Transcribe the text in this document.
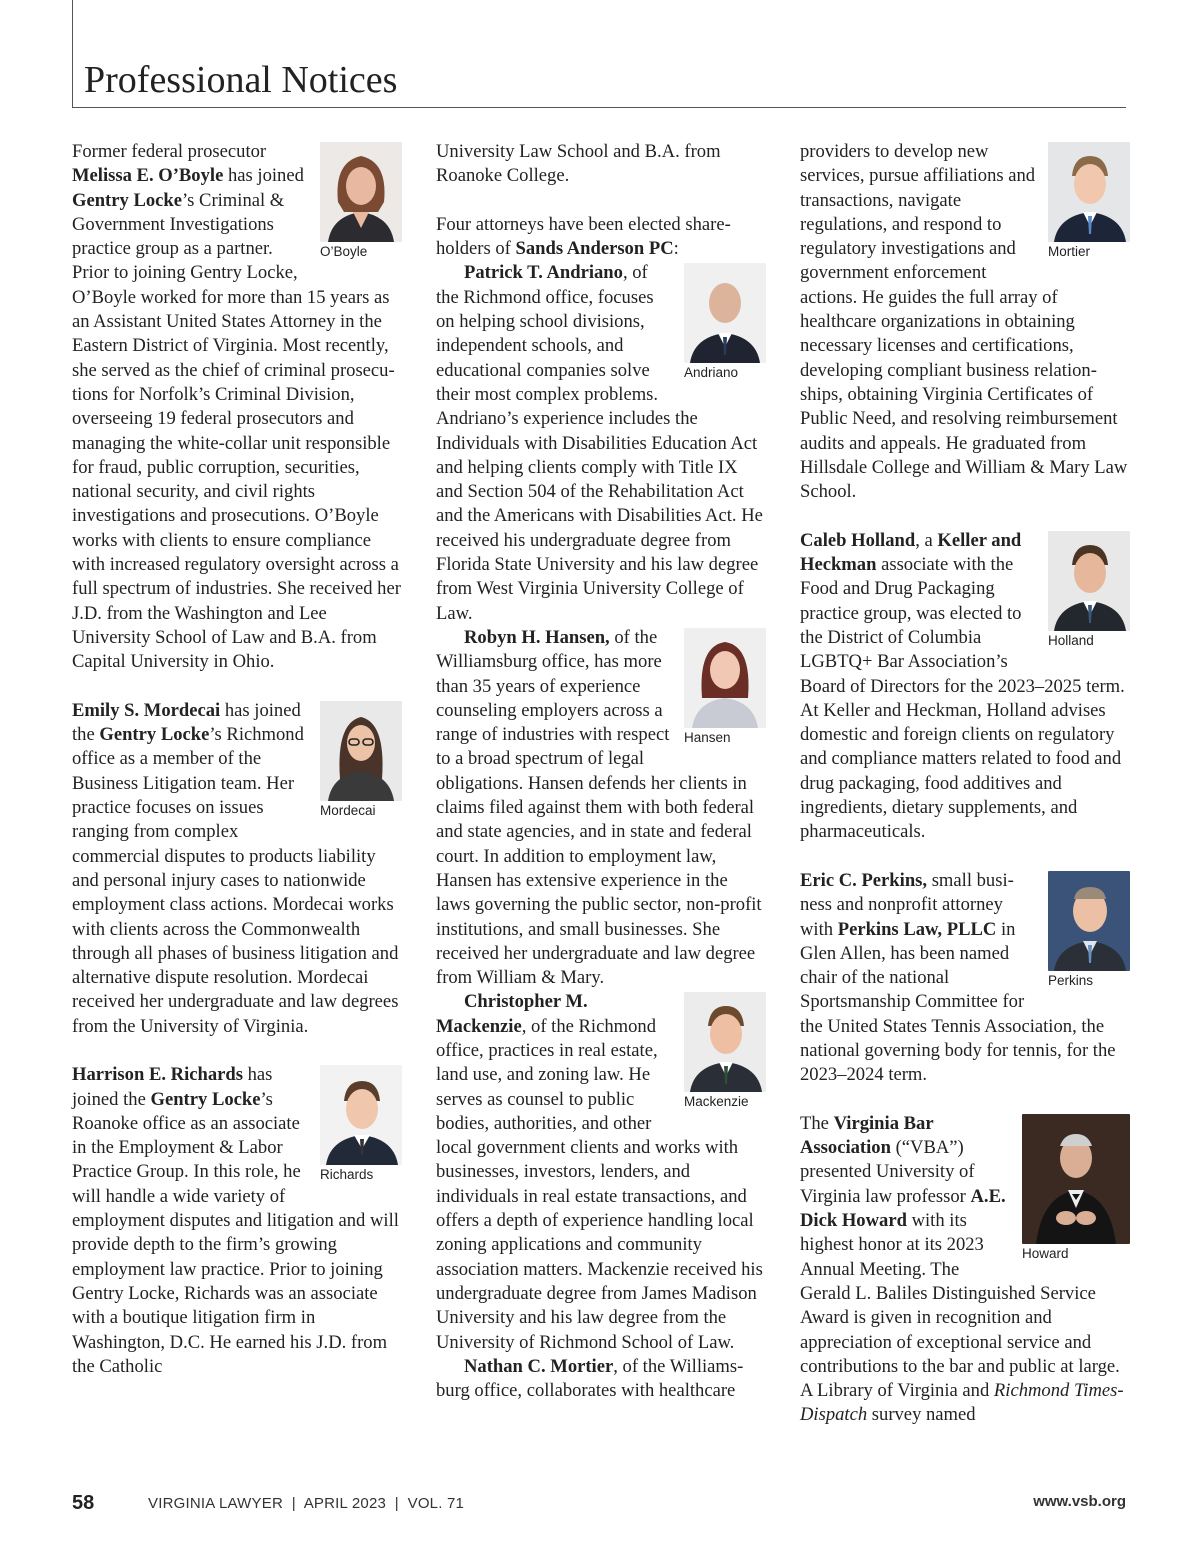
Professional Notices
O’Boyle

Former federal prosecutor Melissa E. O’Boyle has joined Gentry Locke’s Criminal & Government Investigations practice group as a partner. Prior to joining Gentry Locke, O’Boyle worked for more than 15 years as an Assistant United States Attorney in the Eastern District of Virginia. Most recently, she served as the chief of criminal prosecutions for Norfolk’s Criminal Division, overseeing 19 federal prosecutors and managing the white-collar unit responsible for fraud, public corruption, securities, national security, and civil rights investigations and prosecutions. O’Boyle works with clients to ensure compliance with increased regulatory oversight across a full spectrum of industries. She received her J.D. from the Washington and Lee University School of Law and B.A. from Capital University in Ohio.

Mordecai

Emily S. Mordecai has joined the Gentry Locke’s Richmond office as a member of the Business Litigation team. Her practice focuses on issues ranging from complex commercial disputes to products liability and personal injury cases to nationwide employment class actions. Mordecai works with clients across the Commonwealth through all phases of business litigation and alternative dispute resolution. Mordecai received her undergraduate and law degrees from the University of Virginia.

Richards

Harrison E. Richards has joined the Gentry Locke’s Roanoke office as an associate in the Employment & Labor Practice Group. In this role, he will handle a wide variety of employment disputes and litigation and will provide depth to the firm’s growing employment law practice. Prior to joining Gentry Locke, Richards was an associate with a boutique litigation firm in Washington, D.C. He earned his J.D. from the Catholic

University Law School and B.A. from Roanoke College.

Four attorneys have been elected shareholders of Sands Anderson PC:

Andriano

Patrick T. Andriano, of the Richmond office, focuses on helping school divisions, independent schools, and educational companies solve their most complex problems. Andriano’s experience includes the Individuals with Disabilities Education Act and helping clients comply with Title IX and Section 504 of the Rehabilitation Act and the Americans with Disabilities Act. He received his undergraduate degree from Florida State University and his law degree from West Virginia University College of Law.

Hansen

Robyn H. Hansen, of the Williamsburg office, has more than 35 years of experience counseling employers across a range of industries with respect to a broad spectrum of legal obligations. Hansen defends her clients in claims filed against them with both federal and state agencies, and in state and federal court. In addition to employment law, Hansen has extensive experience in the laws governing the public sector, non-profit institutions, and small businesses. She received her undergraduate and law degree from William & Mary.

Mackenzie

Christopher M. Mackenzie, of the Richmond office, practices in real estate, land use, and zoning law. He serves as counsel to public bodies, authorities, and other local government clients and works with businesses, investors, lenders, and individuals in real estate transactions, and offers a depth of experience handling local zoning applications and community association matters. Mackenzie received his undergraduate degree from James Madison University and his law degree from the University of Richmond School of Law.

Nathan C. Mortier, of the Williamsburg office, collaborates with healthcare

Mortier

providers to develop new services, pursue affiliations and transactions, navigate regulations, and respond to regulatory investigations and government enforcement actions. He guides the full array of healthcare organizations in obtaining necessary licenses and certifications, developing compliant business relationships, obtaining Virginia Certificates of Public Need, and resolving reimbursement audits and appeals. He graduated from Hillsdale College and William & Mary Law School.

Holland

Caleb Holland, a Keller and Heckman associate with the Food and Drug Packaging practice group, was elected to the District of Columbia LGBTQ+ Bar Association’s Board of Directors for the 2023–2025 term. At Keller and Heckman, Holland advises domestic and foreign clients on regulatory and compliance matters related to food and drug packaging, food additives and ingredients, dietary supplements, and pharmaceuticals.

Perkins

Eric C. Perkins, small business and nonprofit attorney with Perkins Law, PLLC in Glen Allen, has been named chair of the national Sportsmanship Committee for the United States Tennis Association, the national governing body for tennis, for the 2023–2024 term.

Howard

The Virginia Bar Association (“VBA”) presented University of Virginia law professor A.E. Dick Howard with its highest honor at its 2023 Annual Meeting. The Gerald L. Baliles Distinguished Service Award is given in recognition and appreciation of exceptional service and contributions to the bar and public at large. A Library of Virginia and Richmond Times-Dispatch survey named

58	VIRGINIA LAWYER  |  APRIL 2023  |  VOL. 71	www.vsb.org
